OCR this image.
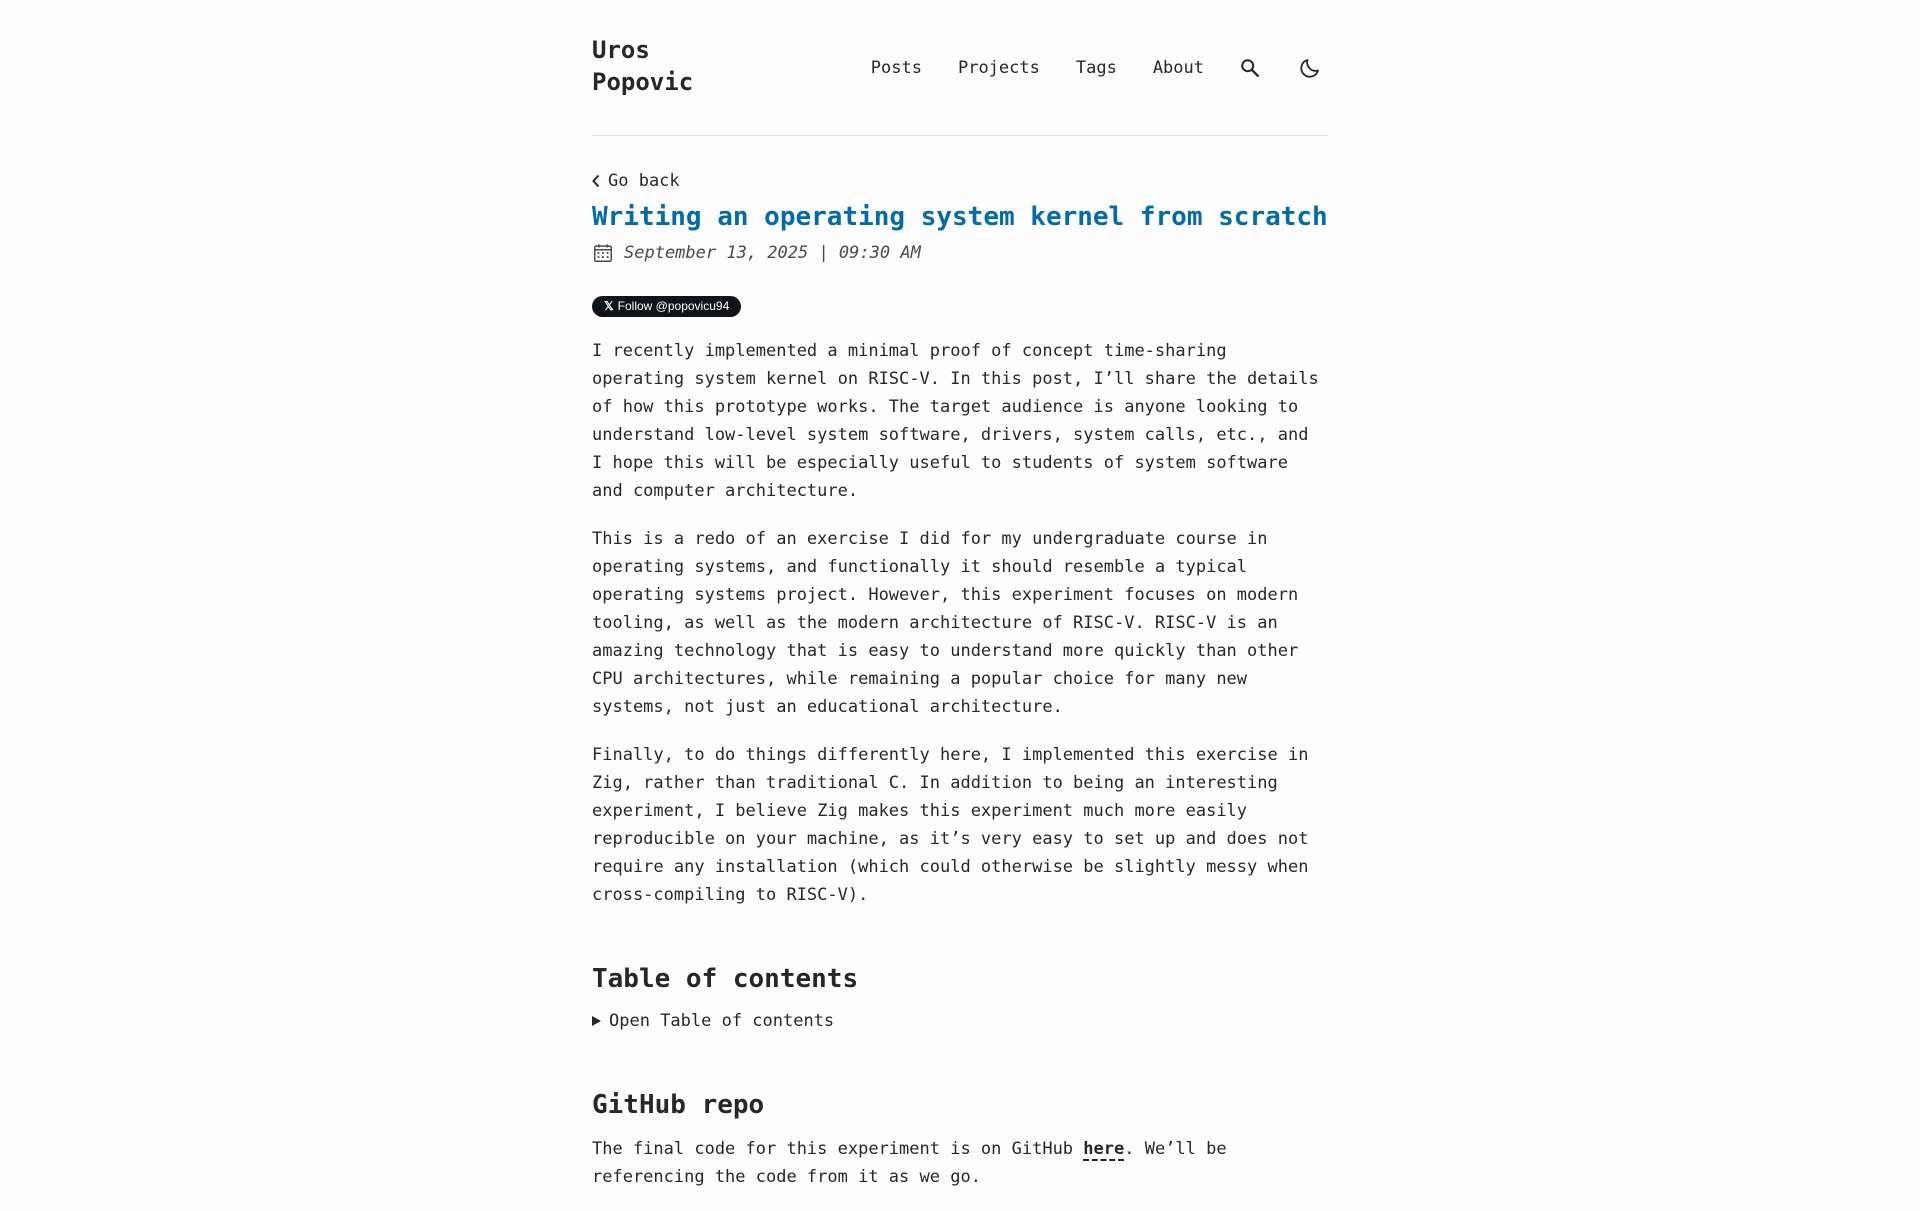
Uros
Popovic	Posts Projects Tags About
Go back
Writing an operating system kernel from scratch
September 13, 2025 | 09:30 AM
𝕏 Follow @popovicu94

I recently implemented a minimal proof of concept time-sharing operating system kernel on RISC-V. In this post, I’ll share the details of how this prototype works. The target audience is anyone looking to understand low-level system software, drivers, system calls, etc., and I hope this will be especially useful to students of system software and computer architecture.

This is a redo of an exercise I did for my undergraduate course in operating systems, and functionally it should resemble a typical operating systems project. However, this experiment focuses on modern tooling, as well as the modern architecture of RISC-V. RISC-V is an amazing technology that is easy to understand more quickly than other CPU architectures, while remaining a popular choice for many new systems, not just an educational architecture.

Finally, to do things differently here, I implemented this exercise in Zig, rather than traditional C. In addition to being an interesting experiment, I believe Zig makes this experiment much more easily reproducible on your machine, as it’s very easy to set up and does not require any installation (which could otherwise be slightly messy when cross-compiling to RISC-V).

Table of contents
Open Table of contents
GitHub repo

The final code for this experiment is on GitHub here. We’ll be referencing the code from it as we go.
